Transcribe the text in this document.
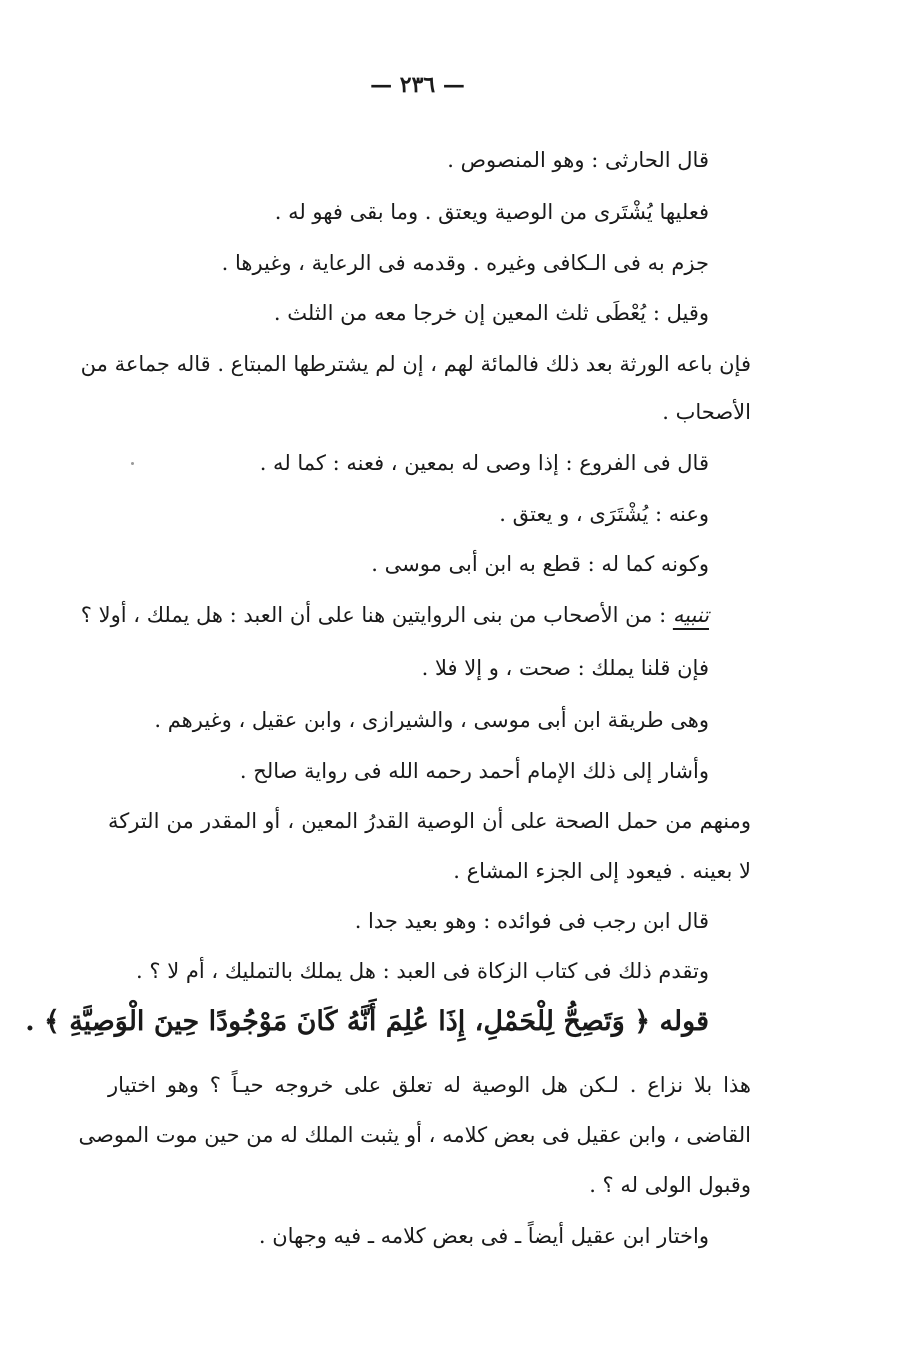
— ٢٣٦ —
قال الحارثى : وهو المنصوص .
فعليها يُشْتَرى من الوصية ويعتق . وما بقى فهو له .
جزم به فى الـكافى وغيره . وقدمه فى الرعاية ، وغيرها .
وقيل : يُعْطَى ثلث المعين إن خرجا معه من الثلث .
فإن باعه الورثة بعد ذلك فالمائة لهم ، إن لم يشترطها المبتاع . قاله جماعة من
الأصحاب .
قال فى الفروع : إذا وصى له بمعين ، فعنه : كما له .
وعنه : يُشْتَرَى ، و يعتق .
وكونه كما له : قطع به ابن أبى موسى .
تنبيه : من الأصحاب من بنى الروايتين هنا على أن العبد : هل يملك ، أولا ؟
فإن قلنا يملك : صحت ، و إلا فلا .
وهى طريقة ابن أبى موسى ، والشيرازى ، وابن عقيل ، وغيرهم .
وأشار إلى ذلك الإمام أحمد رحمه الله فى رواية صالح .
ومنهم من حمل الصحة على أن الوصية القدرُ المعين ، أو المقدر من التركة
لا بعينه . فيعود إلى الجزء المشاع .
قال ابن رجب فى فوائده : وهو بعيد جدا .
وتقدم ذلك فى كتاب الزكاة فى العبد : هل يملك بالتمليك ، أم لا ؟ .
قوله ﴿ وَتَصِحُّ لِلْحَمْلِ، إِذَا عُلِمَ أَنَّهُ كَانَ مَوْجُودًا حِينَ الْوَصِيَّةِ ﴾ .
هذا بلا نزاع . لـكن هل الوصية له تعلق على خروجه حيـاً ؟ وهو اختيار
القاضى ، وابن عقيل فى بعض كلامه ، أو يثبت الملك له من حين موت الموصى
وقبول الولى له ؟ .
واختار ابن عقيل أيضاً ـ فى بعض كلامه ـ فيه وجهان .
